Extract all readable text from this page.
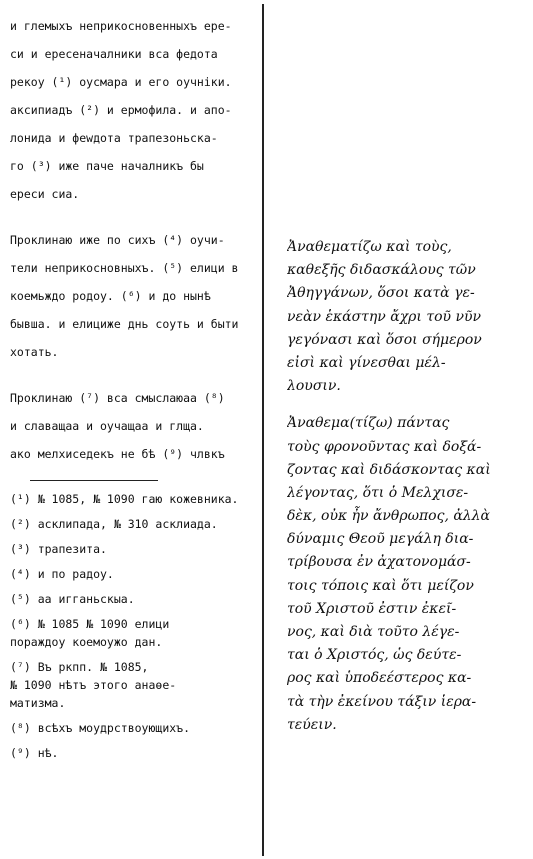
и глемыхъ неприкосновенныхъ ере-
си и ересеначалники вса федота
рекоу (¹) оусмара и его оучніки.
аксипиадъ (²) и ермофила. и апо-
лонида и феwдота трапезоньска-
го (³) иже паче началникъ бы
ереси сиа.
Проклинаю иже по сихъ (⁴) оучи-
тели неприкосновныхъ. (⁵) елици в
коемьждо родоу. (⁶) и до нынѣ
бывша. и елицижe днь соуть и быти
хотать.
Проклинаю (⁷) вса смыслаюаа (⁸)
и славащаа и оучащаа и глща.
ако мелхиседекъ не бѣ (⁹) члвкъ
(¹) № 1085, № 1090 гаю кожевника.
(²) асклипада, № 310 асклиада.
(³) трапезита.
(⁴) и по радоу.
(⁵) аа игганьскыа.
(⁶) № 1085 № 1090 елици
пораждоу коемоужо дан.
(⁷) Въ ркпп. № 1085,
№ 1090 нѣтъ этого анаѳе-
матизма.
(⁸) всѣхъ моудрствоующихъ.
(⁹) нѣ.
Ἀναθεματίζω καὶ τοὺς,
καθεξῆς διδασκάλους τῶν
Ἀθηγγάνων, ὅσοι κατὰ γε-
νεὰν ἑκάστην ἄχρι τοῦ νῦν
γεγόνασι καὶ ὅσοι σήμερον
εἰσὶ καὶ γίνεσθαι μέλ-
λουσιν.
Ἀναθεμα(τίζω) πάντας
τοὺς φρονοῦντας καὶ δοξά-
ζοντας καὶ διδάσκοντας καὶ
λέγοντας, ὅτι ὁ Μελχισε-
δὲκ, οὐκ ἦν ἄνθρωπος, ἀλλὰ
δύναμις Θεοῦ μεγάλη δια-
τρίβουσα ἐν ἀχατονομάσ-
τοις τόποις καὶ ὅτι μείζον
τοῦ Χριστοῦ ἐστιν ἐκεῖ-
νος, καὶ διὰ τοῦτο λέγε-
ται ὁ Χριστός, ὡς δεύτε-
ρος καὶ ὑποδεέστερος κα-
τὰ τὴν ἐκείνου τάξιν ἱερα-
τεύειν.
